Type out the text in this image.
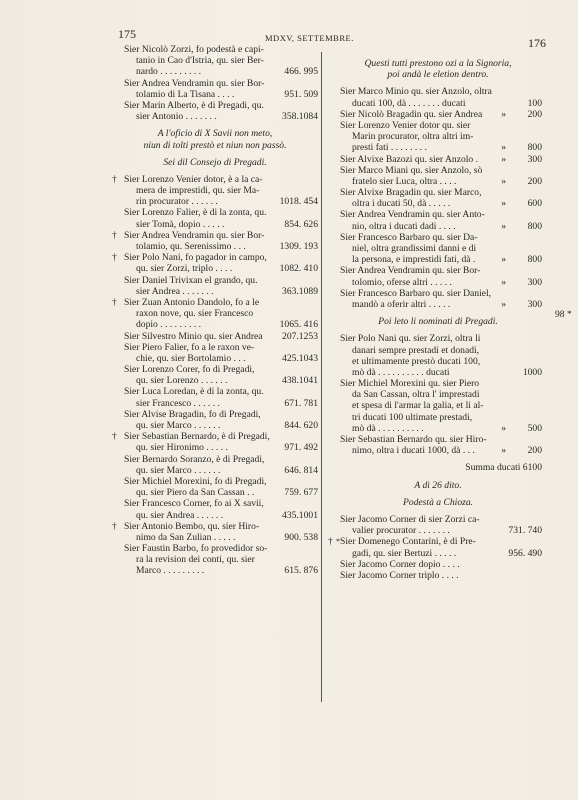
175	MDXV, SETTEMBRE.	176
Sier Nicolò Zorzi, fo podestà e capi-
tanio in Cao d'Istria, qu. sier Ber-
nardo . . . . . . . . .	466. 995
Sier Andrea Vendramin qu. sier Bor-
tolamio di La Tisana . . . .	951. 509
Sier Marin Alberto, è di Pregadi, qu.
sier Antonio . . . . . . .	358.1084
A l'oficio di X Savii non meto,
niun di tolti prestò et niun non passò.
Sei dil Consejo di Pregadi.
† Sier Lorenzo Venier dotor, è a la ca-
mera de imprestidi, qu. sier Ma-
rin procurator . . . . . .	1018. 454
Sier Lorenzo Falier, è di la zonta, qu.
sier Tomà, dopio . . . . .	854. 626
† Sier Andrea Vendramin qu. sier Bor-
tolamio, qu. Serenissimo . . .	1309. 193
† Sier Polo Nani, fo pagador in campo,
qu. sier Zorzi, triplo . . . .	1082. 410
Sier Daniel Trivixan el grando, qu.
sier Andrea . . . . . . .	363.1089
† Sier Zuan Antonio Dandolo, fo a le
raxon nove, qu. sier Francesco
dopio . . . . . . . . .	1065. 416
Sier Silvestro Minio qu. sier Andrea 207.1253
Sier Piero Falier, fo a le raxon ve-
chie, qu. sier Bortolamio . . .	425.1043
Sier Lorenzo Corer, fo di Pregadi,
qu. sier Lorenzo . . . . . .	438.1041
Sier Luca Loredan, è di la zonta, qu.
sier Francesco . . . . . .	671. 781
Sier Alvise Bragadin, fo di Pregadi,
qu. sier Marco . . . . . .	844. 620
† Sier Sebastian Bernardo, è di Pregadi,
qu. sier Hironimo . . . . .	971. 492
Sier Bernardo Soranzo, è di Pregadi,
qu. sier Marco . . . . . .	646. 814
Sier Michiel Morexini, fo di Pregadi,
qu. sier Piero da San Cassan . .	759. 677
Sier Francesco Corner, fo ai X savii,
qu. sier Andrea . . . . . .	435.1001
† Sier Antonio Bembo, qu. sier Hiro-
nimo da San Zulian . . . . .	900. 538
Sier Faustin Barbo, fo provedidor so-
ra la revision dei conti, qu. sier
Marco . . . . . . . . .	615. 876
Questi tutti prestono ozi a la Signoria,
poi andà le eletion dentro.
Sier Marco Minio qu. sier Anzolo, oltra
ducati 100, dà . . . . . . . ducati	100
Sier Nicolò Bragadin qu. sier Andrea » 200
Sier Lorenzo Venier dotor qu. sier
Marin procurator, oltra altri im-
presti fati . . . . . . . .	» 800
Sier Alvixe Bazozi qu. sier Anzolo . » 300
Sier Marco Miani qu. sier Anzolo, sò
fratelo sier Luca, oltra . . . .	» 200
Sier Alvixe Bragadin qu. sier Marco,
oltra i ducati 50, dà . . . . .	» 600
Sier Andrea Vendramin qu. sier Anto-
nio, oltra i ducati dadi . . . .	» 800
Sier Francesco Barbaro qu. sier Da-
niel, oltra grandissimi danni e di
la persona, e imprestidi fati, dà .	» 800
Sier Andrea Vendramin qu. sier Bor-
tolomio, oferse altri . . . . .	» 300
Sier Francesco Barbaro qu. sier Daniel,
mandò a oferir altri . . . . .	» 300
Poi leto li nominati di Pregadi.
Sier Polo Nani qu. sier Zorzi, oltra li
danari sempre prestadi et donadi,
et ultimamente prestò ducati 100,
mò dà . . . . . . . . . . ducati	1000
Sier Michiel Morexini qu. sier Piero
da San Cassan, oltra l' imprestadi
et spesa di l'armar la galia, et li al-
tri ducati 100 ultimate prestadi,
mò dà . . . . . . . . . .	» 500
Sier Sebastian Bernardo qu. sier Hiro-
nimo, oltra i ducati 1000, dà . . .	» 200
Summa ducati 6100
A dì 26 dito.
Podestà a Chioza.
Sier Jacomo Corner di sier Zorzi ca-
valier procurator . . . . . . .	731. 740
† Sier Domenego Contarini, è di Pre-
gadi, qu. sier Bertuzi . . . . .	956. 490
Sier Jacomo Corner dopio . . . .
Sier Jacomo Corner triplo . . . .
98 *
*
